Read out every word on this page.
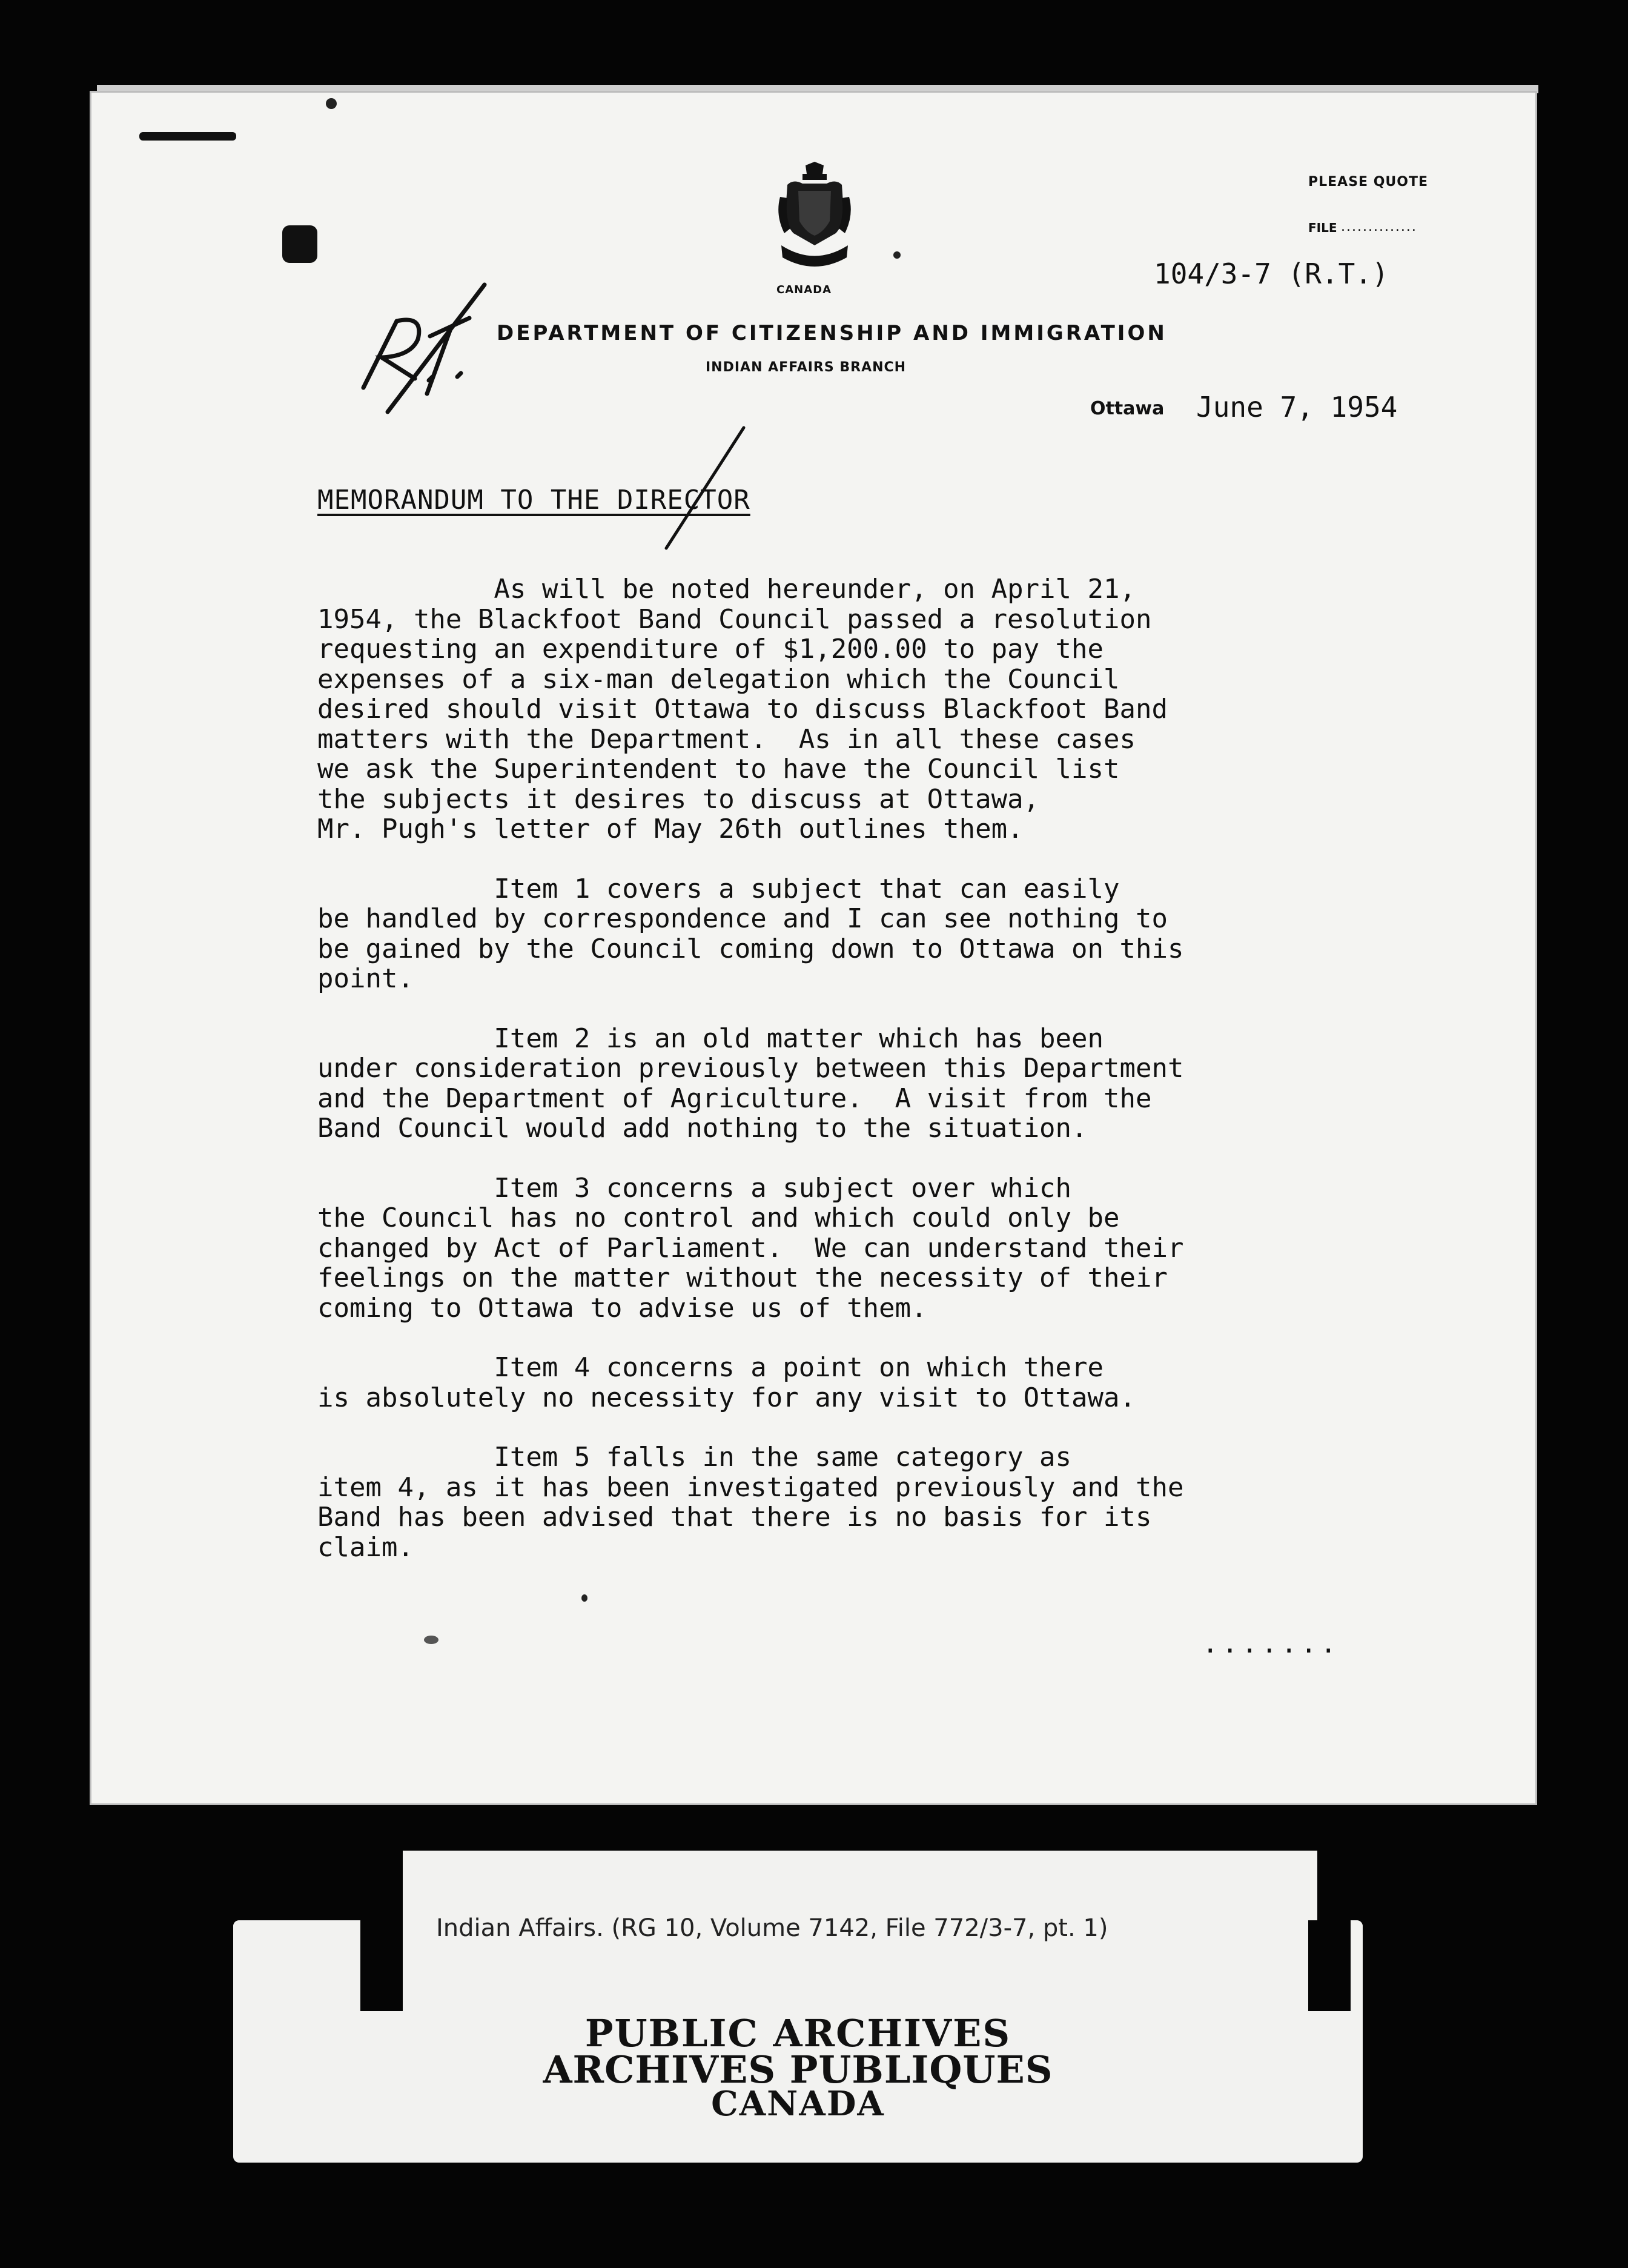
PLEASE QUOTE
FILE ..............
104/3-7 (R.T.)
CANADA
DEPARTMENT OF CITIZENSHIP AND IMMIGRATION
INDIAN AFFAIRS BRANCH
Ottawa June 7, 1954
MEMORANDUM TO THE DIRECTOR

As will be noted hereunder, on April 21,
1954, the Blackfoot Band Council passed a resolution
requesting an expenditure of $1,200.00 to pay the
expenses of a six-man delegation which the Council
desired should visit Ottawa to discuss Blackfoot Band
matters with the Department.  As in all these cases
we ask the Superintendent to have the Council list
the subjects it desires to discuss at Ottawa,
Mr. Pugh's letter of May 26th outlines them.

Item 1 covers a subject that can easily
be handled by correspondence and I can see nothing to
be gained by the Council coming down to Ottawa on this
point.

Item 2 is an old matter which has been
under consideration previously between this Department
and the Department of Agriculture.  A visit from the
Band Council would add nothing to the situation.

Item 3 concerns a subject over which
the Council has no control and which could only be
changed by Act of Parliament.  We can understand their
feelings on the matter without the necessity of their
coming to Ottawa to advise us of them.

Item 4 concerns a point on which there
is absolutely no necessity for any visit to Ottawa.

Item 5 falls in the same category as
item 4, as it has been investigated previously and the
Band has been advised that there is no basis for its
claim.

.......
Indian Affairs. (RG 10, Volume 7142, File 772/3-7, pt. 1)
PUBLIC ARCHIVES
ARCHIVES PUBLIQUES
CANADA
